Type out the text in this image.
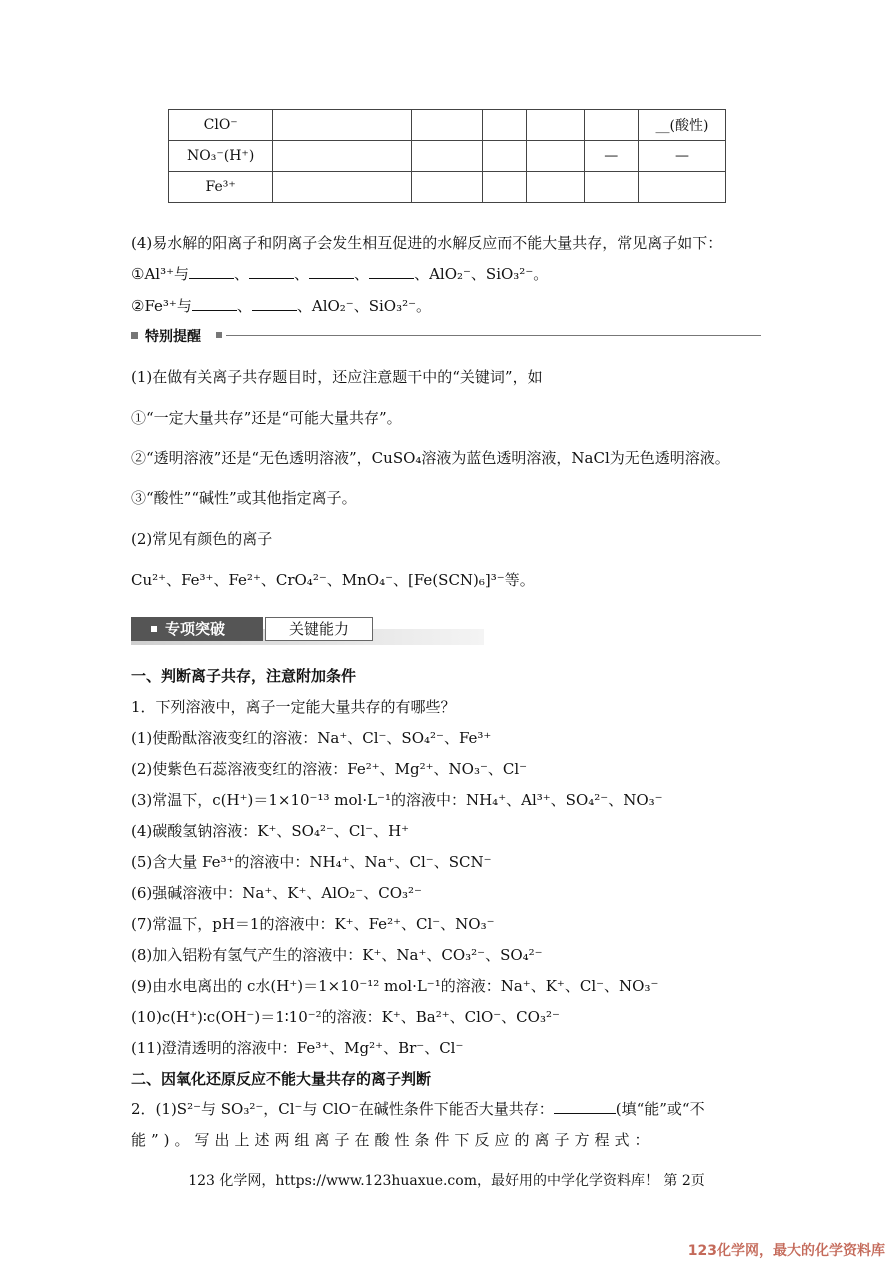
ClO⁻						__(酸性)
NO₃⁻(H⁺)					—	—
Fe³⁺						
(4)易水解的阳离子和阴离子会发生相互促进的水解反应而不能大量共存，常见离子如下：
①Al³⁺与	、	、	、	、AlO₂⁻、SiO₃²⁻。
②Fe³⁺与	、	、AlO₂⁻、SiO₃²⁻。
特别提醒
(1)在做有关离子共存题目时，还应注意题干中的“关键词”，如
①“一定大量共存”还是“可能大量共存”。
②“透明溶液”还是“无色透明溶液”，CuSO₄溶液为蓝色透明溶液，NaCl为无色透明溶液。
③“酸性”“碱性”或其他指定离子。
(2)常见有颜色的离子
Cu²⁺、Fe³⁺、Fe²⁺、CrO₄²⁻、MnO₄⁻、[Fe(SCN)₆]³⁻等。
专项突破	关键能力
一、判断离子共存，注意附加条件
1．下列溶液中，离子一定能大量共存的有哪些？
(1)使酚酞溶液变红的溶液：Na⁺、Cl⁻、SO₄²⁻、Fe³⁺
(2)使紫色石蕊溶液变红的溶液：Fe²⁺、Mg²⁺、NO₃⁻、Cl⁻
(3)常温下，c(H⁺)＝1×10⁻¹³ mol·L⁻¹的溶液中：NH₄⁺、Al³⁺、SO₄²⁻、NO₃⁻
(4)碳酸氢钠溶液：K⁺、SO₄²⁻、Cl⁻、H⁺
(5)含大量 Fe³⁺的溶液中：NH₄⁺、Na⁺、Cl⁻、SCN⁻
(6)强碱溶液中：Na⁺、K⁺、AlO₂⁻、CO₃²⁻
(7)常温下，pH＝1的溶液中：K⁺、Fe²⁺、Cl⁻、NO₃⁻
(8)加入铝粉有氢气产生的溶液中：K⁺、Na⁺、CO₃²⁻、SO₄²⁻
(9)由水电离出的 c水(H⁺)＝1×10⁻¹² mol·L⁻¹的溶液：Na⁺、K⁺、Cl⁻、NO₃⁻
(10)c(H⁺)∶c(OH⁻)＝1∶10⁻²的溶液：K⁺、Ba²⁺、ClO⁻、CO₃²⁻
(11)澄清透明的溶液中：Fe³⁺、Mg²⁺、Br⁻、Cl⁻
二、因氧化还原反应不能大量共存的离子判断
2．(1)S²⁻与 SO₃²⁻，Cl⁻与 ClO⁻在碱性条件下能否大量共存：	(填“能”或“不
能”)。写出上述两组离子在酸性条件下反应的离子方程式：
123 化学网，https://www.123huaxue.com，最好用的中学化学资料库！ 第 2页
123化学网，最大的化学资料库
